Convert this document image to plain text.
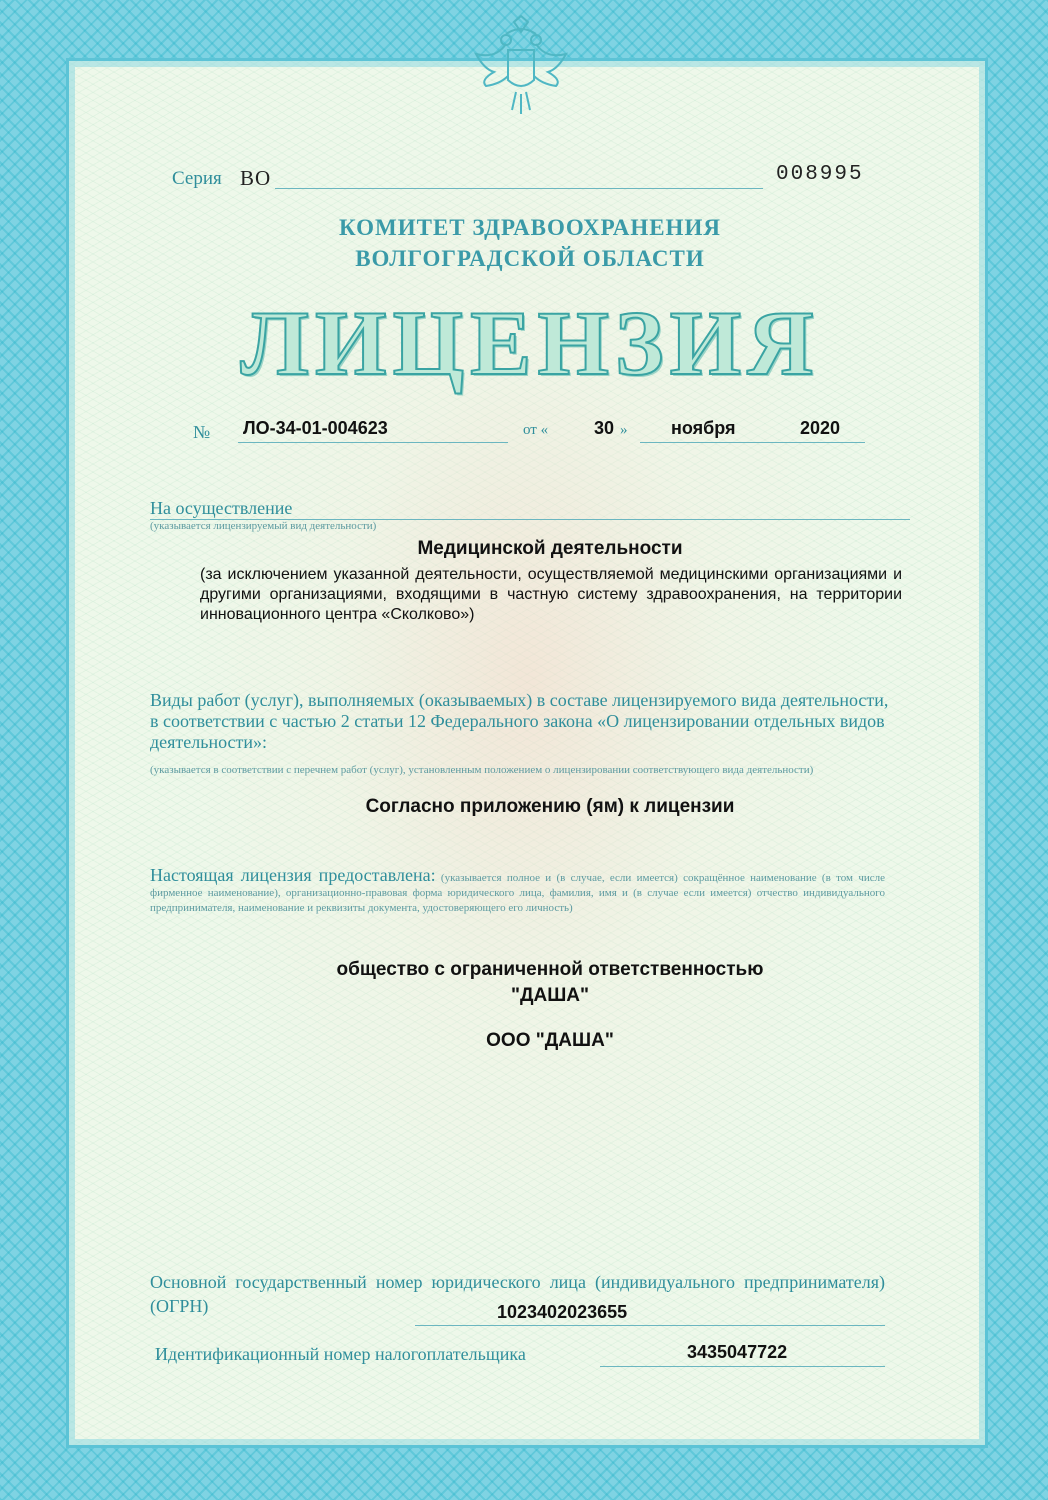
Серия ВО	008995
КОМИТЕТ ЗДРАВООХРАНЕНИЯ
ВОЛГОГРАДСКОЙ ОБЛАСТИ
ЛИЦЕНЗИЯ
№ ЛО-34-01-004623	от «	30 » ноября	2020
На осуществление
(указывается лицензируемый вид деятельности)
Медицинской деятельности
(за исключением указанной деятельности, осуществляемой медицинскими организациями и другими организациями, входящими в частную систему здравоохранения, на территории инновационного центра «Сколково»)
Виды работ (услуг), выполняемых (оказываемых) в составе лицензируемого вида деятельности, в соответствии с частью 2 статьи 12 Федерального закона «О лицензировании отдельных видов деятельности»:
(указывается в соответствии с перечнем работ (услуг), установленным положением о лицензировании соответствующего вида деятельности)
Согласно приложению (ям) к лицензии
Настоящая лицензия предоставлена: (указывается полное и (в случае, если имеется) сокращённое наименование (в том числе фирменное наименование), организационно-правовая форма юридического лица, фамилия, имя и (в случае если имеется) отчество индивидуального предпринимателя, наименование и реквизиты документа, удостоверяющего его личность)
общество с ограниченной ответственностью
"ДАША"
ООО "ДАША"
Основной государственный номер юридического лица (индивидуального предпринимателя) (ОГРН)	1023402023655
Идентификационный номер налогоплательщика	3435047722
